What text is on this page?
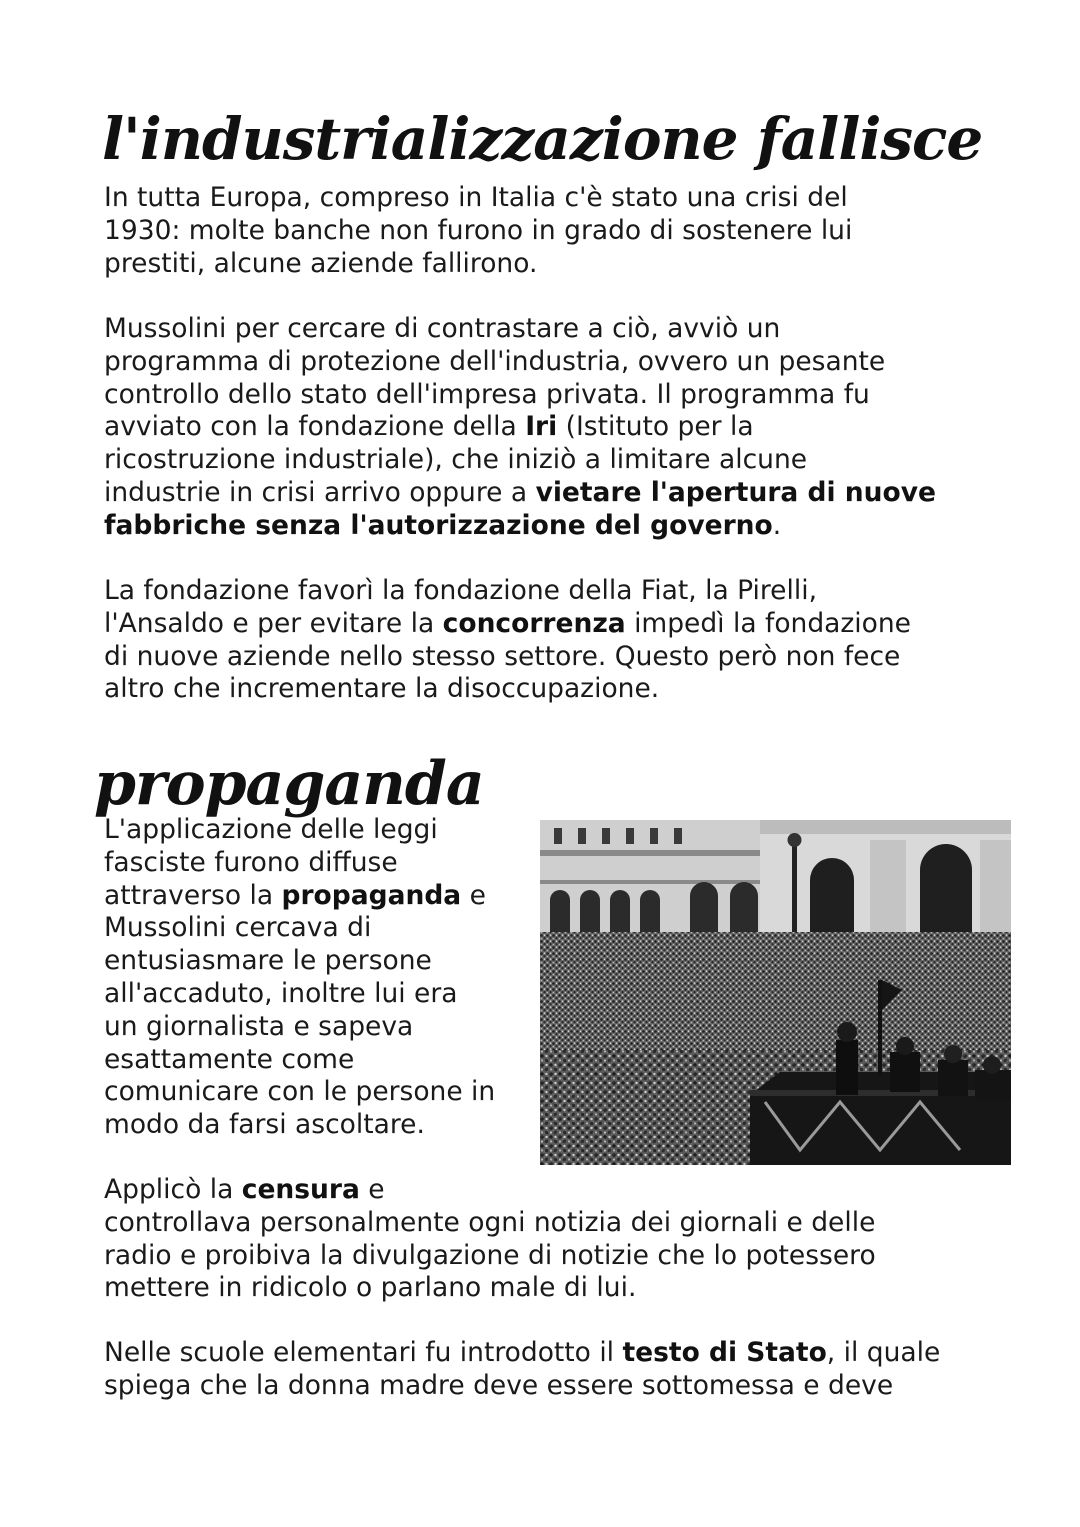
l'industrializzazione fallisce

In tutta Europa, compreso in Italia c'è stato una crisi del
1930: molte banche non furono in grado di sostenere lui
prestiti, alcune aziende fallirono.

Mussolini per cercare di contrastare a ciò, avviò un
programma di protezione dell'industria, ovvero un pesante
controllo dello stato dell'impresa privata. Il programma fu
avviato con la fondazione della Iri (Istituto per la
ricostruzione industriale), che iniziò a limitare alcune
industrie in crisi arrivo oppure a vietare l'apertura di nuove
fabbriche senza l'autorizzazione del governo.

La fondazione favorì la fondazione della Fiat, la Pirelli,
l'Ansaldo e per evitare la concorrenza impedì la fondazione
di nuove aziende nello stesso settore. Questo però non fece
altro che incrementare la disoccupazione.

propaganda

L'applicazione delle leggi
fasciste furono diffuse
attraverso la propaganda e
Mussolini cercava di
entusiasmare le persone
all'accaduto, inoltre lui era
un giornalista e sapeva
esattamente come
comunicare con le persone in
modo da farsi ascoltare.

Applicò la censura e
controllava personalmente ogni notizia dei giornali e delle
radio e proibiva la divulgazione di notizie che lo potessero
mettere in ridicolo o parlano male di lui.

Nelle scuole elementari fu introdotto il testo di Stato, il quale
spiega che la donna madre deve essere sottomessa e deve
